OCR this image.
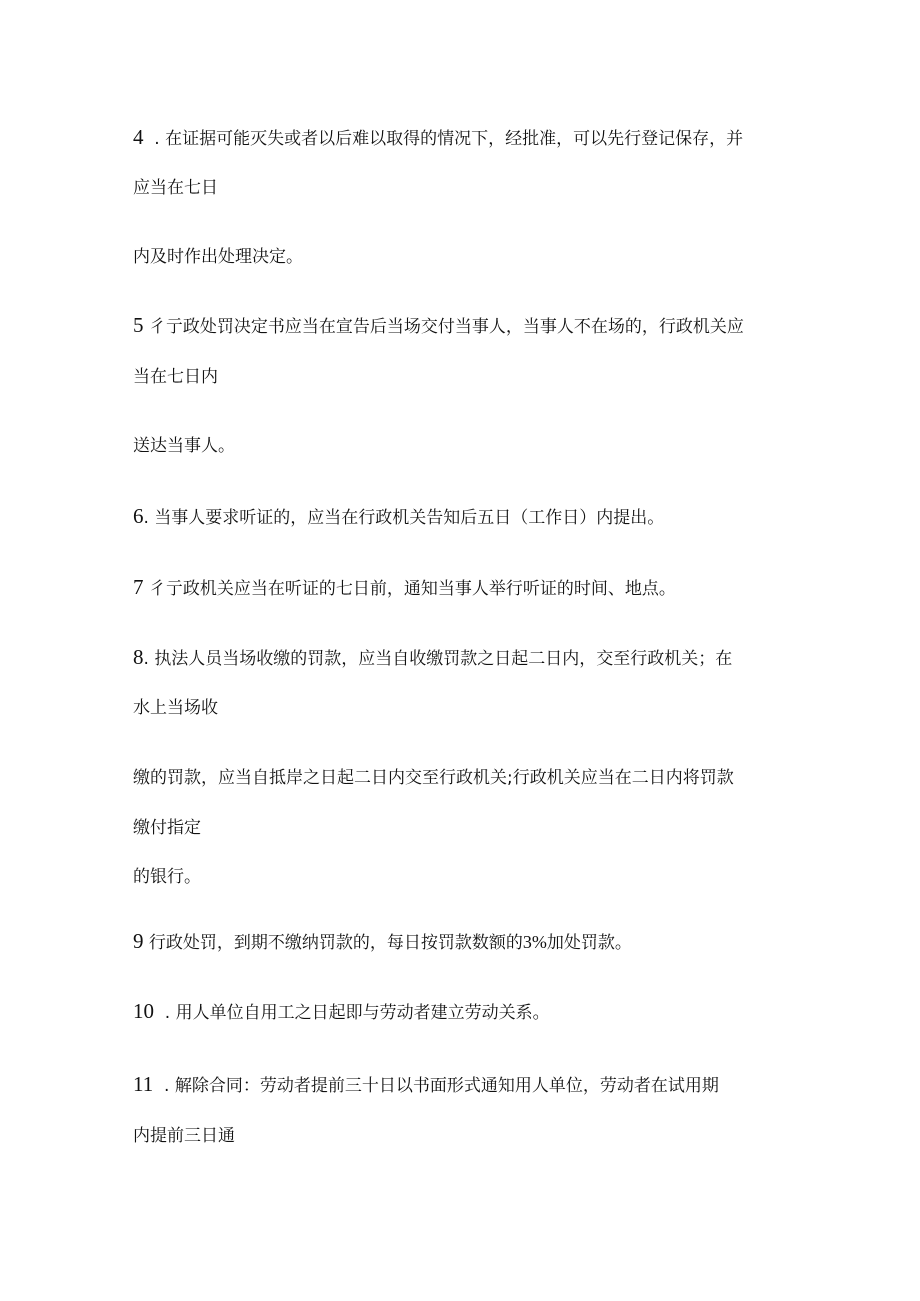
4  . 在证据可能灭失或者以后难以取得的情况下，经批准，可以先行登记保存，并

应当在七日

内及时作出处理决定。

5 彳亍政处罚决定书应当在宣告后当场交付当事人，当事人不在场的，行政机关应

当在七日内

送达当事人。

6. 当事人要求听证的，应当在行政机关告知后五日（工作日）内提出。

7 彳亍政机关应当在听证的七日前，通知当事人举行听证的时间、地点。

8. 执法人员当场收缴的罚款，应当自收缴罚款之日起二日内，交至行政机关；在

水上当场收

缴的罚款，应当自抵岸之日起二日内交至行政机关;行政机关应当在二日内将罚款

缴付指定

的银行。

9 行政处罚，到期不缴纳罚款的，每日按罚款数额的3%加处罚款。

10  . 用人单位自用工之日起即与劳动者建立劳动关系。

11  . 解除合同：劳动者提前三十日以书面形式通知用人单位，劳动者在试用期

内提前三日通
